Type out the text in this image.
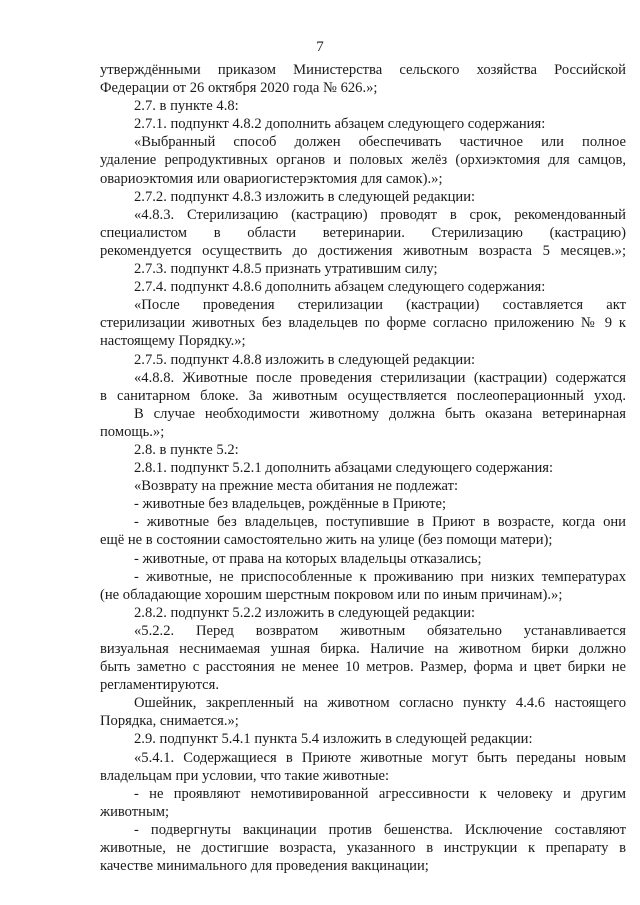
7
утверждёнными приказом Министерства сельского хозяйства Российской
Федерации от 26 октября 2020 года № 626.»;
2.7. в пункте 4.8:
2.7.1. подпункт 4.8.2 дополнить абзацем следующего содержания:
«Выбранный способ должен обеспечивать частичное или полное
удаление репродуктивных органов и половых желёз (орхиэктомия для самцов,
овариоэктомия или овариогистерэктомия для самок).»;
2.7.2. подпункт 4.8.3 изложить в следующей редакции:
«4.8.3. Стерилизацию (кастрацию) проводят в срок, рекомендованный
специалистом в области ветеринарии. Стерилизацию (кастрацию)
рекомендуется осуществить до достижения животным возраста 5 месяцев.»;
2.7.3. подпункт 4.8.5 признать утратившим силу;
2.7.4. подпункт 4.8.6 дополнить абзацем следующего содержания:
«После проведения стерилизации (кастрации) составляется акт
стерилизации животных без владельцев по форме согласно приложению № 9 к
настоящему Порядку.»;
2.7.5. подпункт 4.8.8 изложить в следующей редакции:
«4.8.8. Животные после проведения стерилизации (кастрации) содержатся
в санитарном блоке. За животным осуществляется послеоперационный уход.
В случае необходимости животному должна быть оказана ветеринарная
помощь.»;
2.8. в пункте 5.2:
2.8.1. подпункт 5.2.1 дополнить абзацами следующего содержания:
«Возврату на прежние места обитания не подлежат:
- животные без владельцев, рождённые в Приюте;
- животные без владельцев, поступившие в Приют в возрасте, когда они
ещё не в состоянии самостоятельно жить на улице (без помощи матери);
- животные, от права на которых владельцы отказались;
- животные, не приспособленные к проживанию при низких температурах
(не обладающие хорошим шерстным покровом или по иным причинам).»;
2.8.2. подпункт 5.2.2 изложить в следующей редакции:
«5.2.2. Перед возвратом животным обязательно устанавливается
визуальная неснимаемая ушная бирка. Наличие на животном бирки должно
быть заметно с расстояния не менее 10 метров. Размер, форма и цвет бирки не
регламентируются.
Ошейник, закрепленный на животном согласно пункту 4.4.6 настоящего
Порядка, снимается.»;
2.9. подпункт 5.4.1 пункта 5.4 изложить в следующей редакции:
«5.4.1. Содержащиеся в Приюте животные могут быть переданы новым
владельцам при условии, что такие животные:
- не проявляют немотивированной агрессивности к человеку и другим
животным;
- подвергнуты вакцинации против бешенства. Исключение составляют
животные, не достигшие возраста, указанного в инструкции к препарату в
качестве минимального для проведения вакцинации;
